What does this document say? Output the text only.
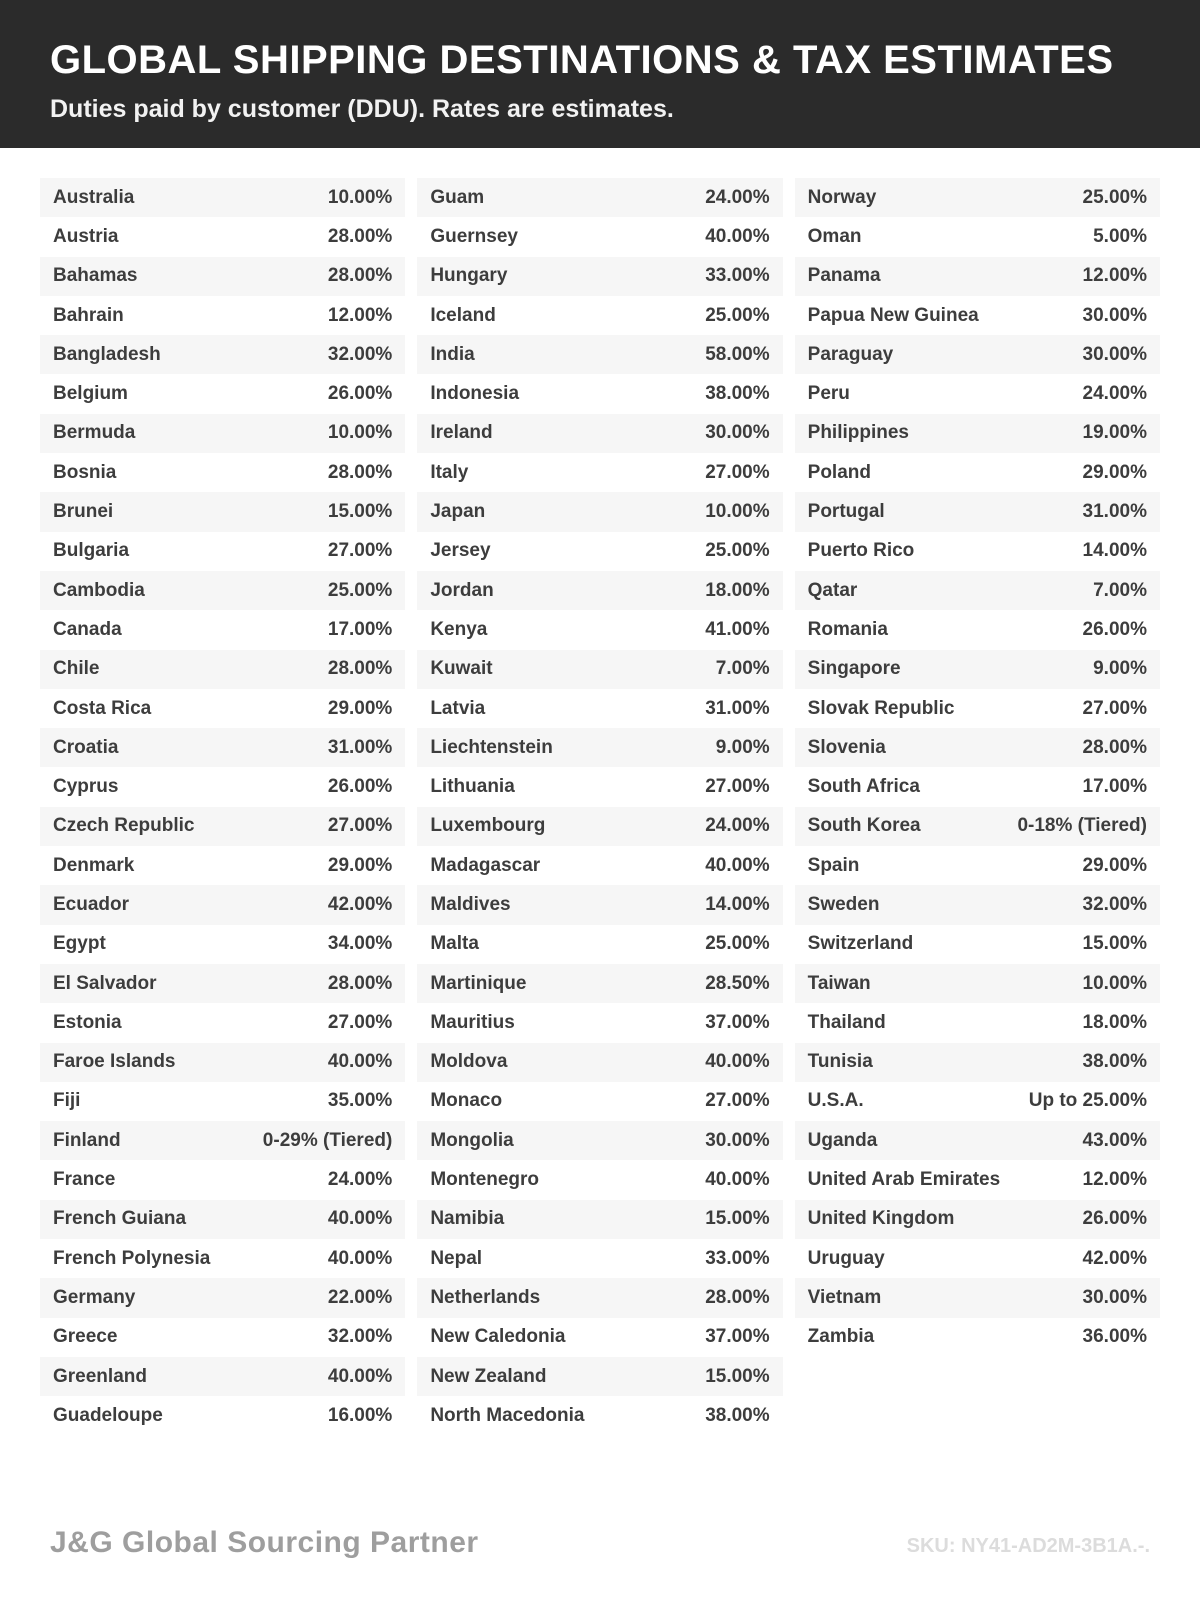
GLOBAL SHIPPING DESTINATIONS & TAX ESTIMATES
Duties paid by customer (DDU). Rates are estimates.
Australia	10.00%
Austria	28.00%
Bahamas	28.00%
Bahrain	12.00%
Bangladesh	32.00%
Belgium	26.00%
Bermuda	10.00%
Bosnia	28.00%
Brunei	15.00%
Bulgaria	27.00%
Cambodia	25.00%
Canada	17.00%
Chile	28.00%
Costa Rica	29.00%
Croatia	31.00%
Cyprus	26.00%
Czech Republic	27.00%
Denmark	29.00%
Ecuador	42.00%
Egypt	34.00%
El Salvador	28.00%
Estonia	27.00%
Faroe Islands	40.00%
Fiji	35.00%
Finland	0-29% (Tiered)
France	24.00%
French Guiana	40.00%
French Polynesia	40.00%
Germany	22.00%
Greece	32.00%
Greenland	40.00%
Guadeloupe	16.00%
Guam	24.00%
Guernsey	40.00%
Hungary	33.00%
Iceland	25.00%
India	58.00%
Indonesia	38.00%
Ireland	30.00%
Italy	27.00%
Japan	10.00%
Jersey	25.00%
Jordan	18.00%
Kenya	41.00%
Kuwait	7.00%
Latvia	31.00%
Liechtenstein	9.00%
Lithuania	27.00%
Luxembourg	24.00%
Madagascar	40.00%
Maldives	14.00%
Malta	25.00%
Martinique	28.50%
Mauritius	37.00%
Moldova	40.00%
Monaco	27.00%
Mongolia	30.00%
Montenegro	40.00%
Namibia	15.00%
Nepal	33.00%
Netherlands	28.00%
New Caledonia	37.00%
New Zealand	15.00%
North Macedonia	38.00%
Norway	25.00%
Oman	5.00%
Panama	12.00%
Papua New Guinea	30.00%
Paraguay	30.00%
Peru	24.00%
Philippines	19.00%
Poland	29.00%
Portugal	31.00%
Puerto Rico	14.00%
Qatar	7.00%
Romania	26.00%
Singapore	9.00%
Slovak Republic	27.00%
Slovenia	28.00%
South Africa	17.00%
South Korea	0-18% (Tiered)
Spain	29.00%
Sweden	32.00%
Switzerland	15.00%
Taiwan	10.00%
Thailand	18.00%
Tunisia	38.00%
U.S.A.	Up to 25.00%
Uganda	43.00%
United Arab Emirates	12.00%
United Kingdom	26.00%
Uruguay	42.00%
Vietnam	30.00%
Zambia	36.00%
J&G Global Sourcing Partner	SKU: NY41-AD2M-3B1A.-.
